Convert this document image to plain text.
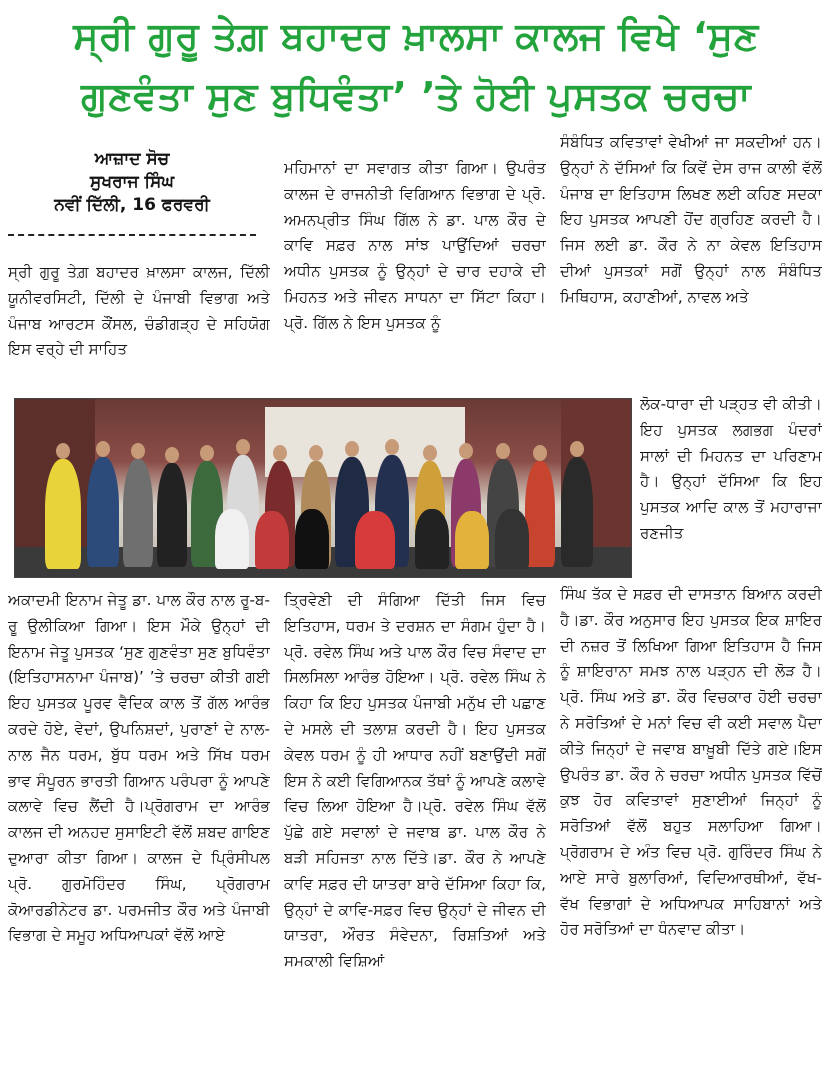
ਸ੍ਰੀ ਗੁਰੂ ਤੇਗ਼ ਬਹਾਦਰ ਖ਼ਾਲਸਾ ਕਾਲਜ ਵਿਖੇ ‘ਸੁਣ
ਗੁਣਵੰਤਾ ਸੁਣ ਬੁਧਿਵੰਤਾ’ ’ਤੇ ਹੋਈ ਪੁਸਤਕ ਚਰਚਾ
ਆਜ਼ਾਦ ਸੋਚ
ਸੁਖਰਾਜ ਸਿੰਘ
ਨਵੀਂ ਦਿੱਲੀ, 16 ਫਰਵਰੀ

ਸ੍ਰੀ ਗੁਰੂ ਤੇਗ਼ ਬਹਾਦਰ ਖ਼ਾਲਸਾ ਕਾਲਜ, ਦਿੱਲੀ ਯੂਨੀਵਰਸਿਟੀ, ਦਿੱਲੀ ਦੇ ਪੰਜਾਬੀ ਵਿਭਾਗ ਅਤੇ ਪੰਜਾਬ ਆਰਟਸ ਕੌਂਸਲ, ਚੰਡੀਗੜ੍ਹ ਦੇ ਸਹਿਯੋਗ ਇਸ ਵਰ੍ਹੇ ਦੀ ਸਾਹਿਤ

ਮਹਿਮਾਨਾਂ ਦਾ ਸਵਾਗਤ ਕੀਤਾ ਗਿਆ। ਉਪਰੰਤ ਕਾਲਜ ਦੇ ਰਾਜਨੀਤੀ ਵਿਗਿਆਨ ਵਿਭਾਗ ਦੇ ਪ੍ਰੋ. ਅਮਨਪ੍ਰੀਤ ਸਿੰਘ ਗਿੱਲ ਨੇ ਡਾ. ਪਾਲ ਕੌਰ ਦੇ ਕਾਵਿ ਸਫ਼ਰ ਨਾਲ ਸਾਂਝ ਪਾਉਂਦਿਆਂ ਚਰਚਾ ਅਧੀਨ ਪੁਸਤਕ ਨੂੰ ਉਨ੍ਹਾਂ ਦੇ ਚਾਰ ਦਹਾਕੇ ਦੀ ਮਿਹਨਤ ਅਤੇ ਜੀਵਨ ਸਾਧਨਾ ਦਾ ਸਿੱਟਾ ਕਿਹਾ।ਪ੍ਰੋ. ਗਿੱਲ ਨੇ ਇਸ ਪੁਸਤਕ ਨੂੰ

ਸੰਬੰਧਿਤ ਕਵਿਤਾਵਾਂ ਵੇਖੀਆਂ ਜਾ ਸਕਦੀਆਂ ਹਨ।ਉਨ੍ਹਾਂ ਨੇ ਦੱਸਿਆਂ ਕਿ ਕਿਵੇਂ ਦੇਸ ਰਾਜ ਕਾਲੀ ਵੱਲੋਂ ਪੰਜਾਬ ਦਾ ਇਤਿਹਾਸ ਲਿਖਣ ਲਈ ਕਹਿਣ ਸਦਕਾ ਇਹ ਪੁਸਤਕ ਆਪਣੀ ਹੋਂਦ ਗ੍ਰਹਿਣ ਕਰਦੀ ਹੈ।ਜਿਸ ਲਈ ਡਾ. ਕੌਰ ਨੇ ਨਾ ਕੇਵਲ ਇਤਿਹਾਸ ਦੀਆਂ ਪੁਸਤਕਾਂ ਸਗੋਂ ਉਨ੍ਹਾਂ ਨਾਲ ਸੰਬੰਧਿਤ ਮਿਥਿਹਾਸ, ਕਹਾਣੀਆਂ, ਨਾਵਲ ਅਤੇ

ਲੋਕ-ਧਾਰਾ ਦੀ ਪੜ੍ਹਤ ਵੀ ਕੀਤੀ।ਇਹ ਪੁਸਤਕ ਲਗਭਗ ਪੰਦਰਾਂ ਸਾਲਾਂ ਦੀ ਮਿਹਨਤ ਦਾ ਪਰਿਣਾਮ ਹੈ। ਉਨ੍ਹਾਂ ਦੱਸਿਆ ਕਿ ਇਹ ਪੁਸਤਕ ਆਦਿ ਕਾਲ ਤੋਂ ਮਹਾਰਾਜਾ ਰਣਜੀਤ

ਅਕਾਦਮੀ ਇਨਾਮ ਜੇਤੂ ਡਾ. ਪਾਲ ਕੌਰ ਨਾਲ ਰੂ-ਬ-ਰੂ ਉਲੀਕਿਆ ਗਿਆ। ਇਸ ਮੌਕੇ ਉਨ੍ਹਾਂ ਦੀ ਇਨਾਮ ਜੇਤੂ ਪੁਸਤਕ ‘ਸੁਣ ਗੁਣਵੰਤਾ ਸੁਣ ਬੁਧਿਵੰਤਾ (ਇਤਿਹਾਸਨਾਮਾ ਪੰਜਾਬ)’ ’ਤੇ ਚਰਚਾ ਕੀਤੀ ਗਈ ਇਹ ਪੁਸਤਕ ਪੂਰਵ ਵੈਦਿਕ ਕਾਲ ਤੋਂ ਗੱਲ ਆਰੰਭ ਕਰਦੇ ਹੋਏ, ਵੇਦਾਂ, ਉਪਨਿਸ਼ਦਾਂ, ਪੁਰਾਣਾਂ ਦੇ ਨਾਲ-ਨਾਲ ਜੈਨ ਧਰਮ, ਬੁੱਧ ਧਰਮ ਅਤੇ ਸਿੱਖ ਧਰਮ ਭਾਵ ਸੰਪੂਰਨ ਭਾਰਤੀ ਗਿਆਨ ਪਰੰਪਰਾ ਨੂੰ ਆਪਣੇ ਕਲਾਵੇ ਵਿਚ ਲੈਂਦੀ ਹੈ।ਪ੍ਰੋਗਰਾਮ ਦਾ ਆਰੰਭ ਕਾਲਜ ਦੀ ਅਨਹਦ ਸੁਸਾਇਟੀ ਵੱਲੋਂ ਸ਼ਬਦ ਗਾਇਣ ਦੁਆਰਾ ਕੀਤਾ ਗਿਆ। ਕਾਲਜ ਦੇ ਪ੍ਰਿੰਸੀਪਲ ਪ੍ਰੋ. ਗੁਰਮੋਹਿੰਦਰ ਸਿੰਘ, ਪ੍ਰੋਗਰਾਮ ਕੋਆਰਡੀਨੇਟਰ ਡਾ. ਪਰਮਜੀਤ ਕੌਰ ਅਤੇ ਪੰਜਾਬੀ ਵਿਭਾਗ ਦੇ ਸਮੂਹ ਅਧਿਆਪਕਾਂ ਵੱਲੋਂ ਆਏ

ਤ੍ਰਿਵੇਣੀ ਦੀ ਸੰਗਿਆ ਦਿੱਤੀ ਜਿਸ ਵਿਚ ਇਤਿਹਾਸ, ਧਰਮ ਤੇ ਦਰਸ਼ਨ ਦਾ ਸੰਗਮ ਹੁੰਦਾ ਹੈ।ਪ੍ਰੋ. ਰਵੇਲ ਸਿੰਘ ਅਤੇ ਪਾਲ ਕੌਰ ਵਿਚ ਸੰਵਾਦ ਦਾ ਸਿਲਸਿਲਾ ਆਰੰਭ ਹੋਇਆ। ਪ੍ਰੋ. ਰਵੇਲ ਸਿੰਘ ਨੇ ਕਿਹਾ ਕਿ ਇਹ ਪੁਸਤਕ ਪੰਜਾਬੀ ਮਨੁੱਖ ਦੀ ਪਛਾਣ ਦੇ ਮਸਲੇ ਦੀ ਤਲਾਸ਼ ਕਰਦੀ ਹੈ। ਇਹ ਪੁਸਤਕ ਕੇਵਲ ਧਰਮ ਨੂੰ ਹੀ ਆਧਾਰ ਨਹੀਂ ਬਣਾਉਂਦੀ ਸਗੋਂ ਇਸ ਨੇ ਕਈ ਵਿਗਿਆਨਕ ਤੱਥਾਂ ਨੂੰ ਆਪਣੇ ਕਲਾਵੇ ਵਿਚ ਲਿਆ ਹੋਇਆ ਹੈ।ਪ੍ਰੋ. ਰਵੇਲ ਸਿੰਘ ਵੱਲੋਂ ਪੁੱਛੇ ਗਏ ਸਵਾਲਾਂ ਦੇ ਜਵਾਬ ਡਾ. ਪਾਲ ਕੌਰ ਨੇ ਬੜੀ ਸਹਿਜਤਾ ਨਾਲ ਦਿੱਤੇ।ਡਾ. ਕੌਰ ਨੇ ਆਪਣੇ ਕਾਵਿ ਸਫ਼ਰ ਦੀ ਯਾਤਰਾ ਬਾਰੇ ਦੱਸਿਆ ਕਿਹਾ ਕਿ, ਉਨ੍ਹਾਂ ਦੇ ਕਾਵਿ-ਸਫ਼ਰ ਵਿਚ ਉਨ੍ਹਾਂ ਦੇ ਜੀਵਨ ਦੀ ਯਾਤਰਾ, ਔਰਤ ਸੰਵੇਦਨਾ, ਰਿਸ਼ਤਿਆਂ ਅਤੇ ਸਮਕਾਲੀ ਵਿਸ਼ਿਆਂ

ਸਿੰਘ ਤੱਕ ਦੇ ਸਫ਼ਰ ਦੀ ਦਾਸਤਾਨ ਬਿਆਨ ਕਰਦੀ ਹੈ।ਡਾ. ਕੌਰ ਅਨੁਸਾਰ ਇਹ ਪੁਸਤਕ ਇਕ ਸ਼ਾਇਰ ਦੀ ਨਜ਼ਰ ਤੋਂ ਲਿਖਿਆ ਗਿਆ ਇਤਿਹਾਸ ਹੈ ਜਿਸ ਨੂੰ ਸ਼ਾਇਰਾਨਾ ਸਮਝ ਨਾਲ ਪੜ੍ਹਨ ਦੀ ਲੋੜ ਹੈ।ਪ੍ਰੋ. ਸਿੰਘ ਅਤੇ ਡਾ. ਕੌਰ ਵਿਚਕਾਰ ਹੋਈ ਚਰਚਾ ਨੇ ਸਰੋਤਿਆਂ ਦੇ ਮਨਾਂ ਵਿਚ ਵੀ ਕਈ ਸਵਾਲ ਪੈਦਾ ਕੀਤੇ ਜਿਨ੍ਹਾਂ ਦੇ ਜਵਾਬ ਬਾਖ਼ੂਬੀ ਦਿੱਤੇ ਗਏ।ਇਸ ਉਪਰੰਤ ਡਾ. ਕੌਰ ਨੇ ਚਰਚਾ ਅਧੀਨ ਪੁਸਤਕ ਵਿੱਚੋਂ ਕੁਝ ਹੋਰ ਕਵਿਤਾਵਾਂ ਸੁਣਾਈਆਂ ਜਿਨ੍ਹਾਂ ਨੂੰ ਸਰੋਤਿਆਂ ਵੱਲੋਂ ਬਹੁਤ ਸਲਾਹਿਆ ਗਿਆ।ਪ੍ਰੋਗਰਾਮ ਦੇ ਅੰਤ ਵਿਚ ਪ੍ਰੋ. ਗੁਰਿੰਦਰ ਸਿੰਘ ਨੇ ਆਏ ਸਾਰੇ ਬੁਲਾਰਿਆਂ, ਵਿਦਿਆਰਥੀਆਂ, ਵੱਖ-ਵੱਖ ਵਿਭਾਗਾਂ ਦੇ ਅਧਿਆਪਕ ਸਾਹਿਬਾਨਾਂ ਅਤੇ ਹੋਰ ਸਰੋਤਿਆਂ ਦਾ ਧੰਨਵਾਦ ਕੀਤਾ।
